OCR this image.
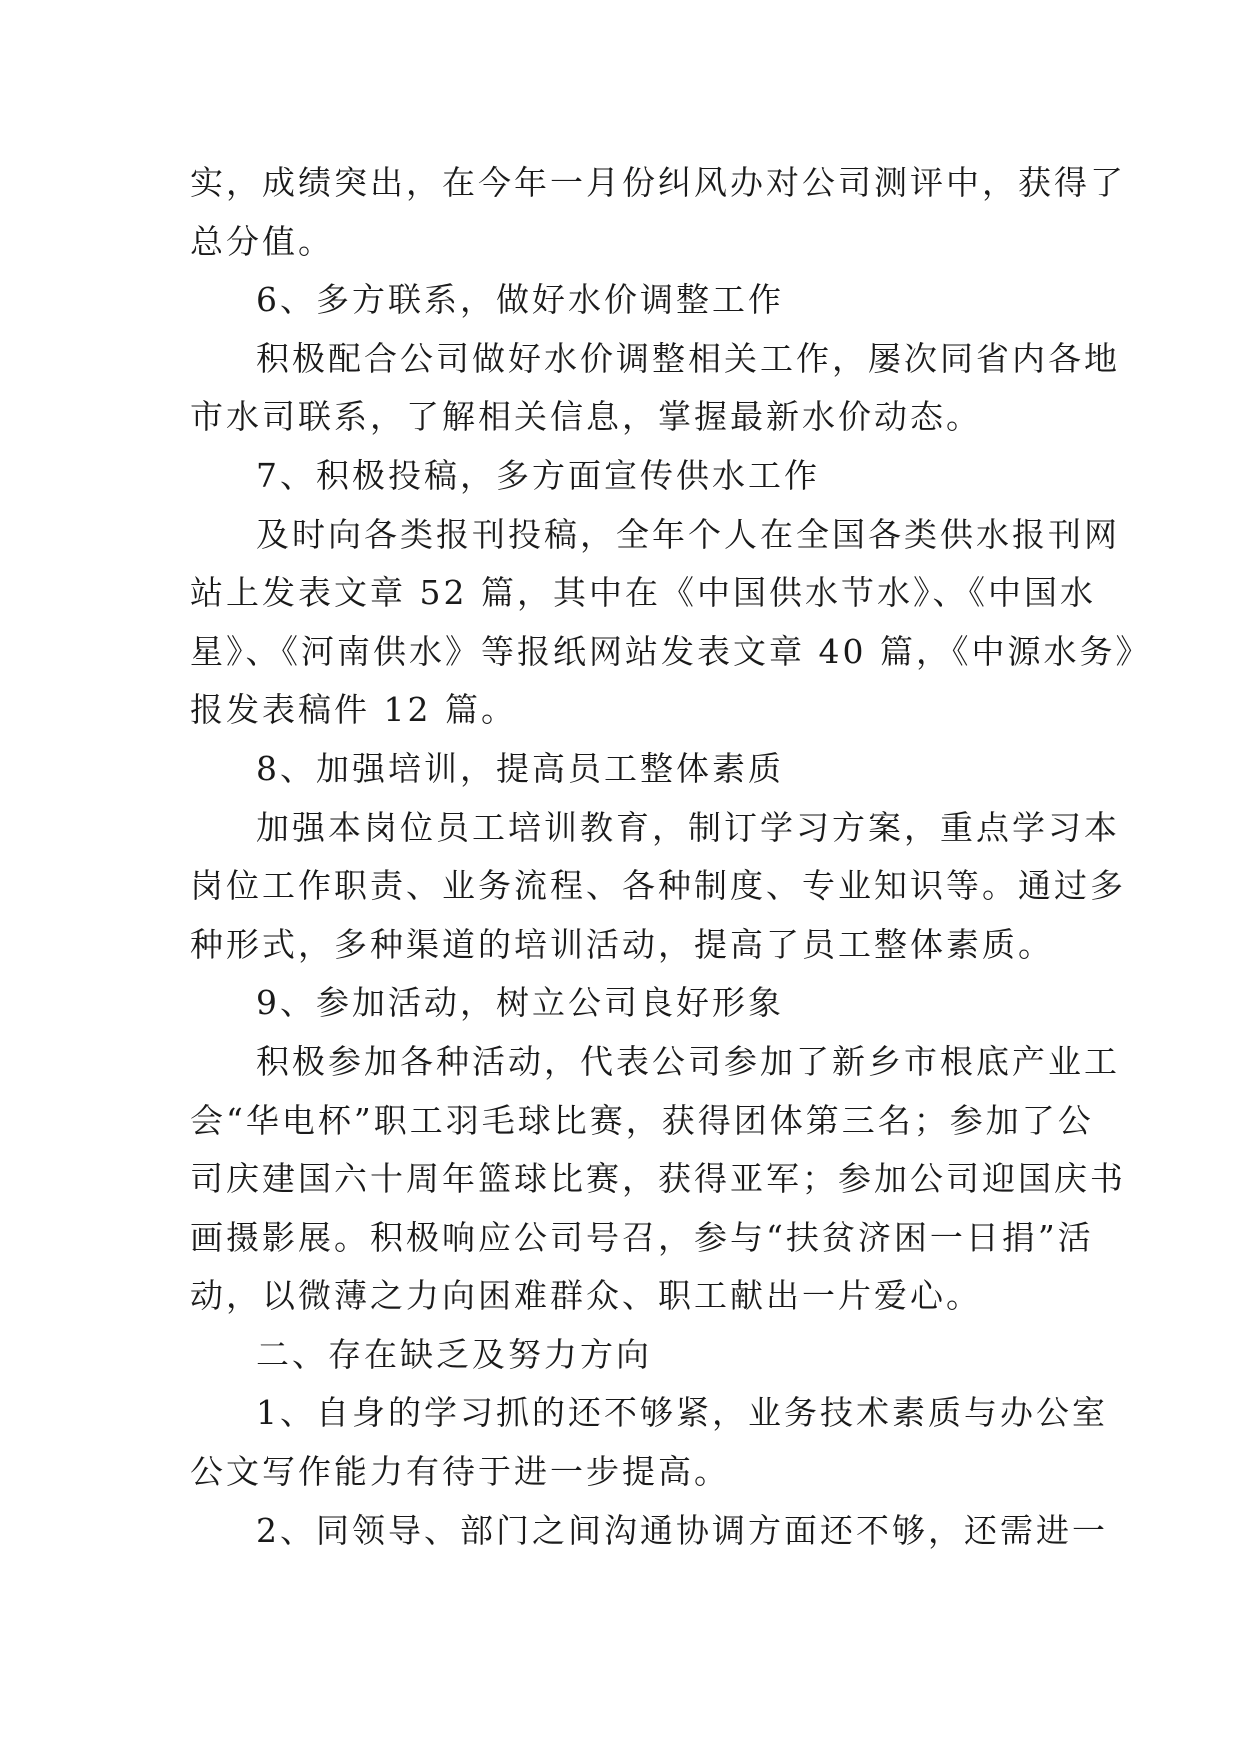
实，成绩突出，在今年一月份纠风办对公司测评中，获得了
总分值。
6、多方联系，做好水价调整工作
积极配合公司做好水价调整相关工作，屡次同省内各地
市水司联系，了解相关信息，掌握最新水价动态。
7、积极投稿，多方面宣传供水工作
及时向各类报刊投稿，全年个人在全国各类供水报刊网
站上发表文章 52 篇，其中在《中国供水节水》、《中国水
星》、《河南供水》等报纸网站发表文章 40 篇，《中源水务》
报发表稿件 12 篇。
8、加强培训，提高员工整体素质
加强本岗位员工培训教育，制订学习方案，重点学习本
岗位工作职责、业务流程、各种制度、专业知识等。通过多
种形式，多种渠道的培训活动，提高了员工整体素质。
9、参加活动，树立公司良好形象
积极参加各种活动，代表公司参加了新乡市根底产业工
会“华电杯”职工羽毛球比赛，获得团体第三名；参加了公
司庆建国六十周年篮球比赛，获得亚军；参加公司迎国庆书
画摄影展。积极响应公司号召，参与“扶贫济困一日捐”活
动，以微薄之力向困难群众、职工献出一片爱心。
二、存在缺乏及努力方向
1、自身的学习抓的还不够紧，业务技术素质与办公室
公文写作能力有待于进一步提高。
2、同领导、部门之间沟通协调方面还不够，还需进一
